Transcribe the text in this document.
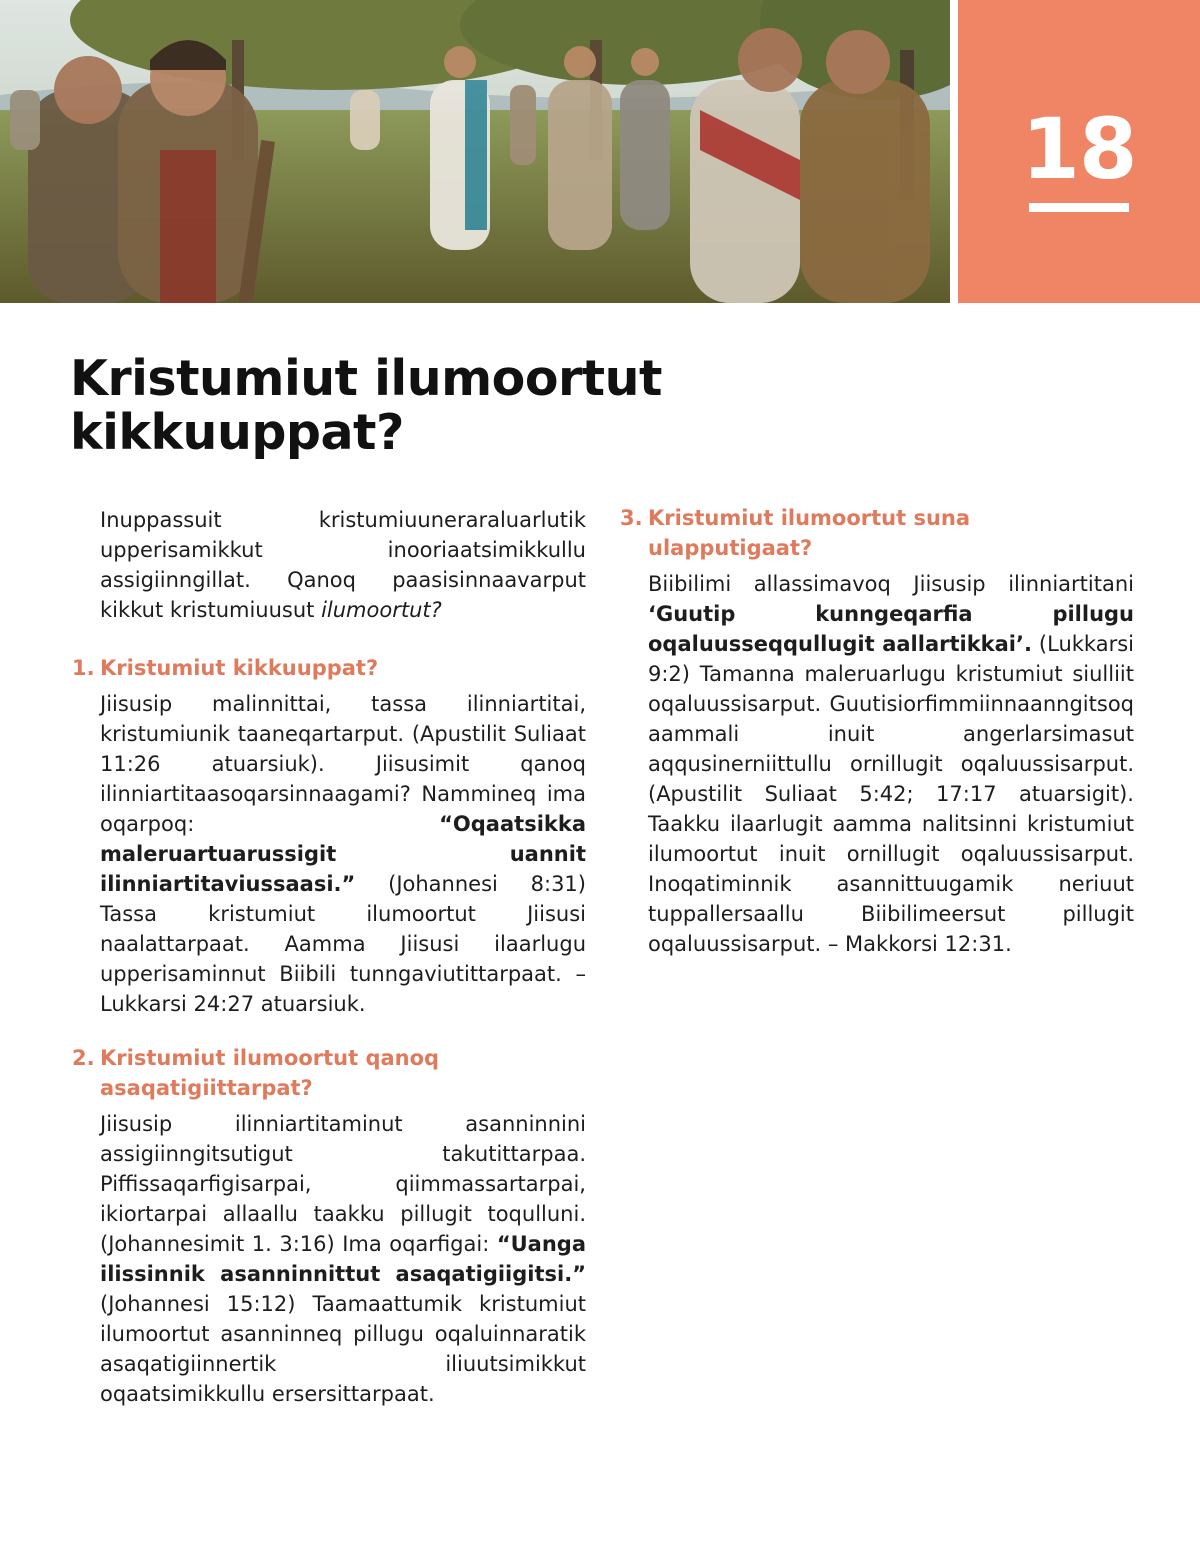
18
Kristumiut ilumoortut kikkuuppat?

Inuppassuit kristumiuuneraraluarlutik upperisamikkut inooriaatsimikkullu assigiinngillat. Qanoq paasisinnaavarput kikkut kristumiuusut ilumoortut?

1. Kristumiut kikkuuppat?

Jiisusip malinnittai, tassa ilinniartitai, kristumiunik taaneqartarput. (Apustilit Suliaat 11:26 atuarsiuk). Jiisusimit qanoq ilinniartitaasoqarsinnaagami? Nammineq ima oqarpoq: “Oqaatsikka maleruartuarussigit uannit ilinniartitaviussaasi.” (Johannesi 8:31) Tassa kristumiut ilumoortut Jiisusi naalattarpaat. Aamma Jiisusi ilaarlugu upperisaminnut Biibili tunngaviutittarpaat. – Lukkarsi 24:27 atuarsiuk.

2. Kristumiut ilumoortut qanoq asaqatigiittarpat?

Jiisusip ilinniartitaminut asanninnini assigiinngitsutigut takutittarpaa. Piffissaqarfigisarpai, qiimmassartarpai, ikiortarpai allaallu taakku pillugit toqulluni. (Johannesimit 1. 3:16) Ima oqarfigai: “Uanga ilissinnik asanninnittut asaqatigiigitsi.” (Johannesi 15:12) Taamaattumik kristumiut ilumoortut asanninneq pillugu oqaluinnaratik asaqatigiinnertik iliuutsimikkut oqaatsimikkullu ersersittarpaat.

3. Kristumiut ilumoortut suna ulapputigaat?

Biibilimi allassimavoq Jiisusip ilinniartitani ‘Guutip kunngeqarfia pillugu oqaluusseqqullugit aallartikkai’. (Lukkarsi 9:2) Tamanna maleruarlugu kristumiut siulliit oqaluussisarput. Guutisiorfimmiinnaanngitsoq aammali inuit angerlarsimasut aqqusinerniittullu ornillugit oqaluussisarput. (Apustilit Suliaat 5:42; 17:17 atuarsigit). Taakku ilaarlugit aamma nalitsinni kristumiut ilumoortut inuit ornillugit oqaluussisarput. Inoqatiminnik asannittuugamik neriuut tuppallersaallu Biibilimeersut pillugit oqaluussisarput. – Makkorsi 12:31.
